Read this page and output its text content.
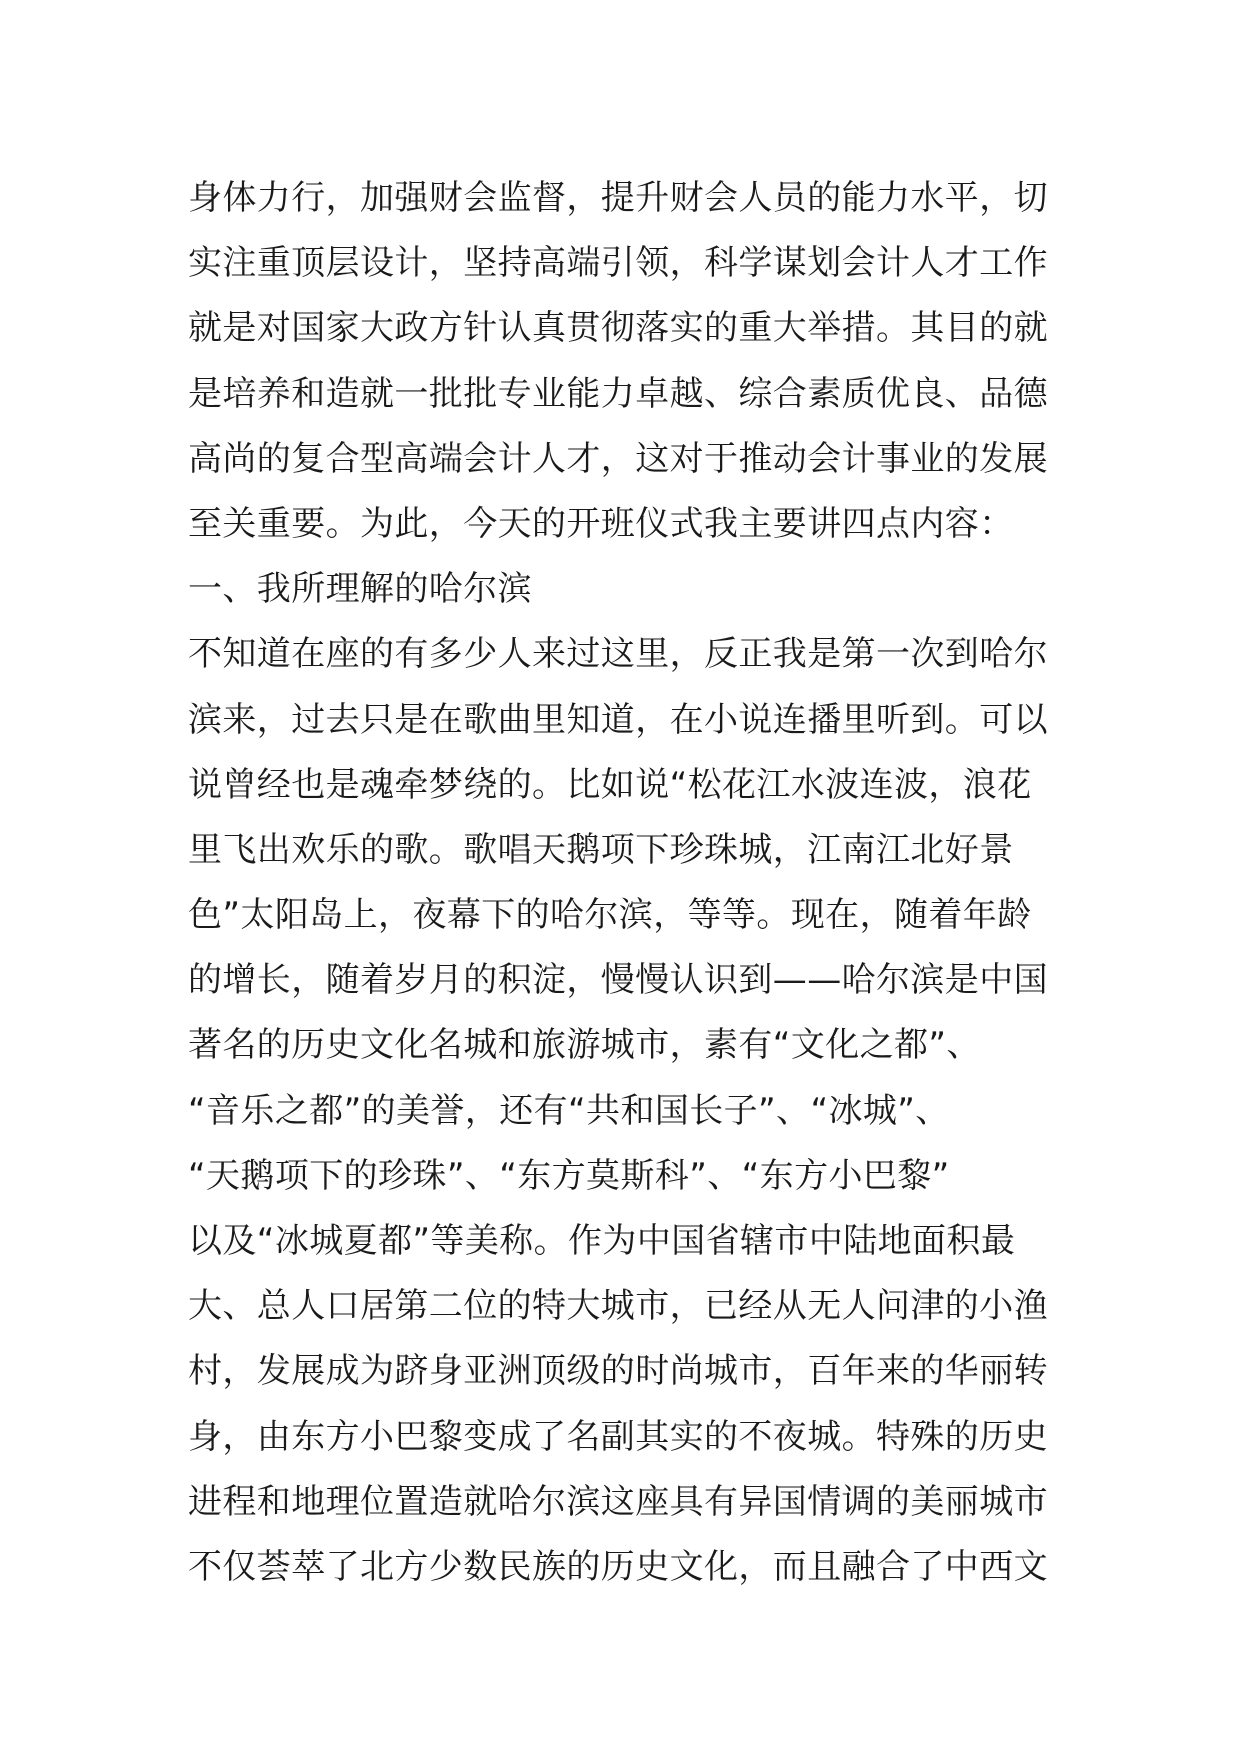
身体力行，加强财会监督，提升财会人员的能力水平，切
实注重顶层设计，坚持高端引领，科学谋划会计人才工作
就是对国家大政方针认真贯彻落实的重大举措。其目的就
是培养和造就一批批专业能力卓越、综合素质优良、品德
高尚的复合型高端会计人才，这对于推动会计事业的发展
至关重要。为此，今天的开班仪式我主要讲四点内容：
一、我所理解的哈尔滨
不知道在座的有多少人来过这里，反正我是第一次到哈尔
滨来，过去只是在歌曲里知道，在小说连播里听到。可以
说曾经也是魂牵梦绕的。比如说“松花江水波连波，浪花
里飞出欢乐的歌。歌唱天鹅项下珍珠城，江南江北好景
色”太阳岛上，夜幕下的哈尔滨，等等。现在，随着年龄
的增长，随着岁月的积淀，慢慢认识到——哈尔滨是中国
著名的历史文化名城和旅游城市，素有“文化之都”、
“音乐之都”的美誉，还有“共和国长子”、“冰城”、
“天鹅项下的珍珠”、“东方莫斯科”、“东方小巴黎”
以及“冰城夏都”等美称。作为中国省辖市中陆地面积最
大、总人口居第二位的特大城市，已经从无人问津的小渔
村，发展成为跻身亚洲顶级的时尚城市，百年来的华丽转
身，由东方小巴黎变成了名副其实的不夜城。特殊的历史
进程和地理位置造就哈尔滨这座具有异国情调的美丽城市
不仅荟萃了北方少数民族的历史文化，而且融合了中西文
